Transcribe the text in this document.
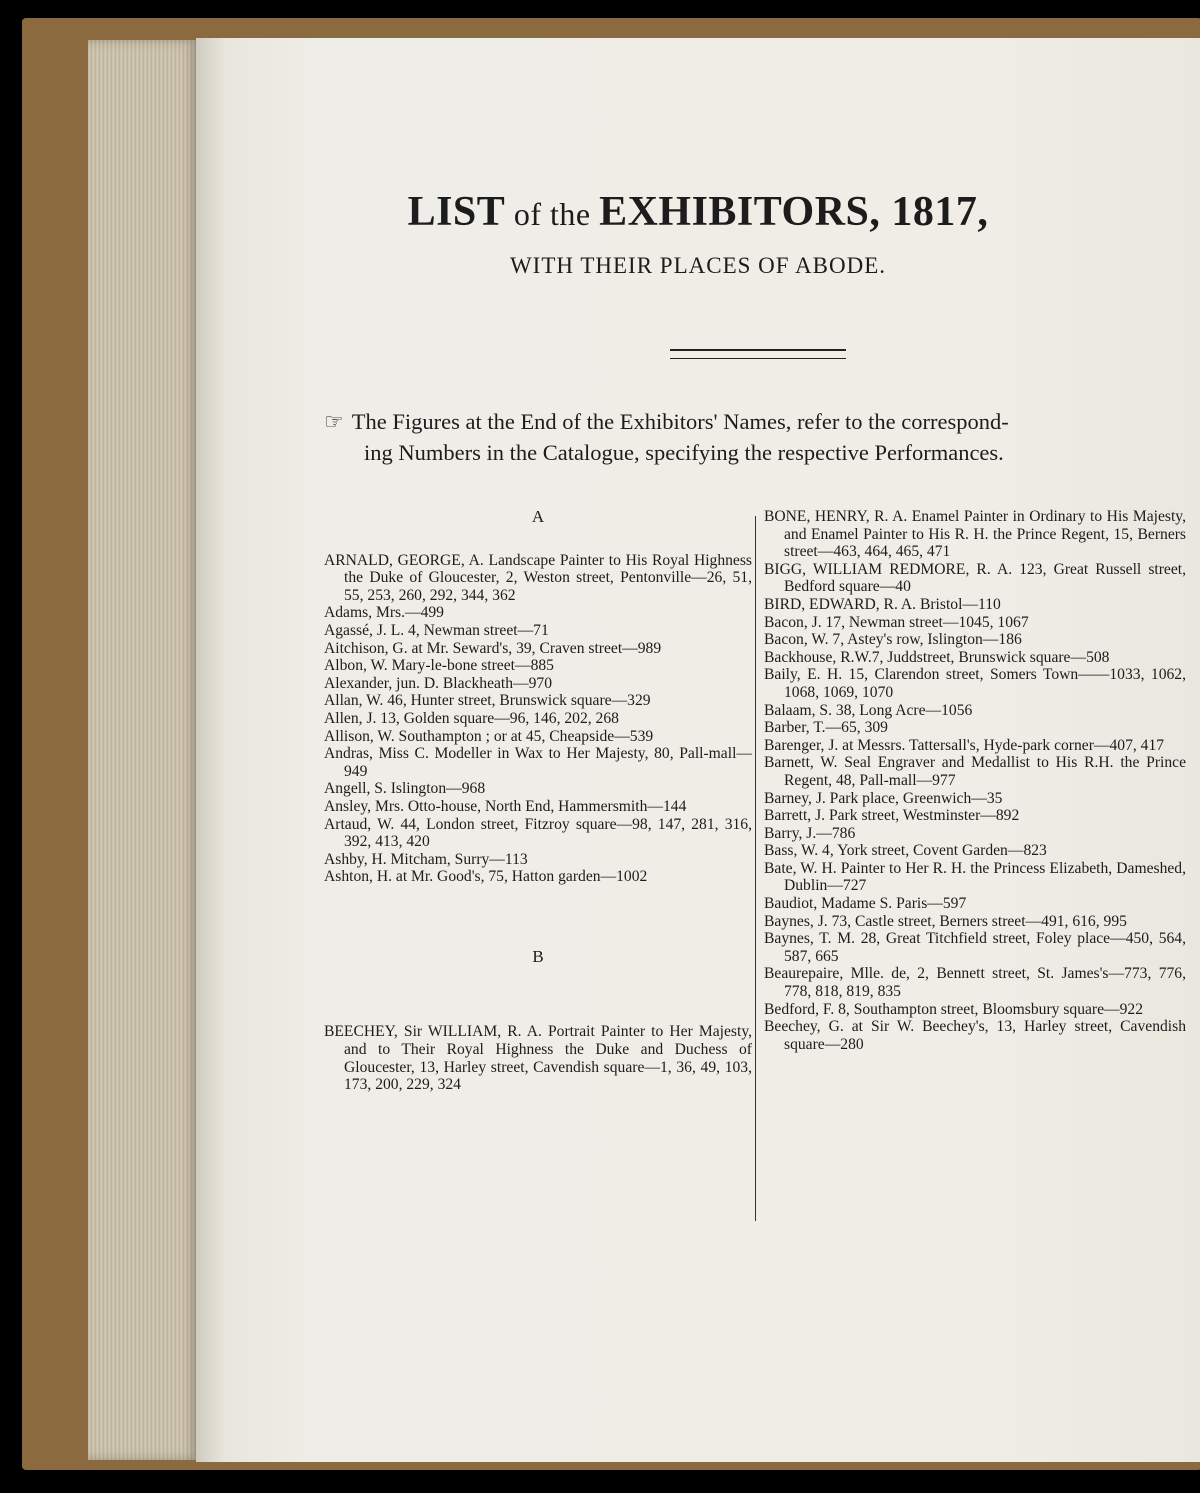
LIST of the EXHIBITORS, 1817,
WITH THEIR PLACES OF ABODE.
☞ The Figures at the End of the Exhibitors' Names, refer to the correspond-
ing Numbers in the Catalogue, specifying the respective Performances.
A
ARNALD, GEORGE, A. Landscape Painter to His Royal Highness the Duke of Gloucester, 2, Weston street, Pentonville—26, 51, 55, 253, 260, 292, 344, 362
Adams, Mrs.—499
Agassé, J. L. 4, Newman street—71
Aitchison, G. at Mr. Seward's, 39, Craven street—989
Albon, W. Mary-le-bone street—885
Alexander, jun. D. Blackheath—970
Allan, W. 46, Hunter street, Brunswick square—329
Allen, J. 13, Golden square—96, 146, 202, 268
Allison, W. Southampton ; or at 45, Cheapside—539
Andras, Miss C. Modeller in Wax to Her Majesty, 80, Pall-mall—949
Angell, S. Islington—968
Ansley, Mrs. Otto-house, North End, Hammersmith—144
Artaud, W. 44, London street, Fitzroy square—98, 147, 281, 316, 392, 413, 420
Ashby, H. Mitcham, Surry—113
Ashton, H. at Mr. Good's, 75, Hatton garden—1002
B
BEECHEY, Sir WILLIAM, R. A. Portrait Painter to Her Majesty, and to Their Royal Highness the Duke and Duchess of Gloucester, 13, Harley street, Cavendish square—1, 36, 49, 103, 173, 200, 229, 324
BONE, HENRY, R. A. Enamel Painter in Ordinary to His Majesty, and Enamel Painter to His R. H. the Prince Regent, 15, Berners street—463, 464, 465, 471
BIGG, WILLIAM REDMORE, R. A. 123, Great Russell street, Bedford square—40
BIRD, EDWARD, R. A. Bristol—110
Bacon, J. 17, Newman street—1045, 1067
Bacon, W. 7, Astey's row, Islington—186
Backhouse, R.W.7, Juddstreet, Brunswick square—508
Baily, E. H. 15, Clarendon street, Somers Town——1033, 1062, 1068, 1069, 1070
Balaam, S. 38, Long Acre—1056
Barber, T.—65, 309
Barenger, J. at Messrs. Tattersall's, Hyde-park corner—407, 417
Barnett, W. Seal Engraver and Medallist to His R.H. the Prince Regent, 48, Pall-mall—977
Barney, J. Park place, Greenwich—35
Barrett, J. Park street, Westminster—892
Barry, J.—786
Bass, W. 4, York street, Covent Garden—823
Bate, W. H. Painter to Her R. H. the Princess Elizabeth, Dameshed, Dublin—727
Baudiot, Madame S. Paris—597
Baynes, J. 73, Castle street, Berners street—491, 616, 995
Baynes, T. M. 28, Great Titchfield street, Foley place—450, 564, 587, 665
Beaurepaire, Mlle. de, 2, Bennett street, St. James's—773, 776, 778, 818, 819, 835
Bedford, F. 8, Southampton street, Bloomsbury square—922
Beechey, G. at Sir W. Beechey's, 13, Harley street, Cavendish square—280
